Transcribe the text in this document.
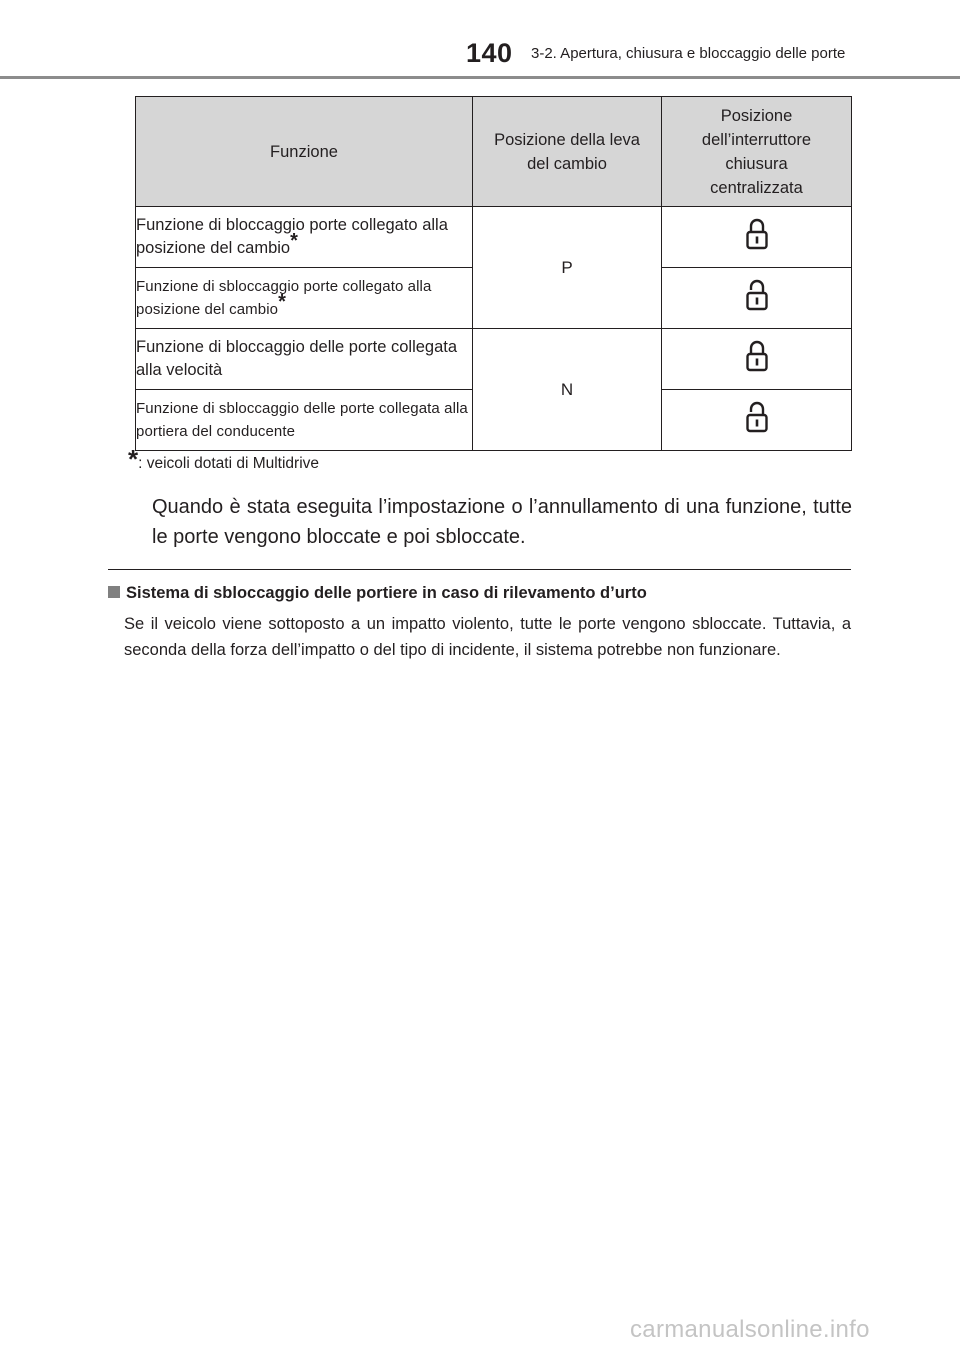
140 3-2. Apertura, chiusura e bloccaggio delle porte
Funzione	Posizione della leva del cambio	Posizione dell’interruttore chiusura centralizzata
Funzione di bloccaggio porte collegato alla posizione del cambio*	P	
Funzione di sbloccaggio porte collegato alla posizione del cambio*	
Funzione di bloccaggio delle porte collegata alla velocità	N	
Funzione di sbloccaggio delle porte collegata alla portiera del conducente	
*: veicoli dotati di Multidrive

Quando è stata eseguita l’impostazione o l’annullamento di una funzione, tutte le porte vengono bloccate e poi sbloccate.

Sistema di sbloccaggio delle portiere in caso di rilevamento d’urto

Se il veicolo viene sottoposto a un impatto violento, tutte le porte vengono sbloccate. Tuttavia, a seconda della forza dell’impatto o del tipo di incidente, il sistema potrebbe non funzionare.

carmanualsonline.info
